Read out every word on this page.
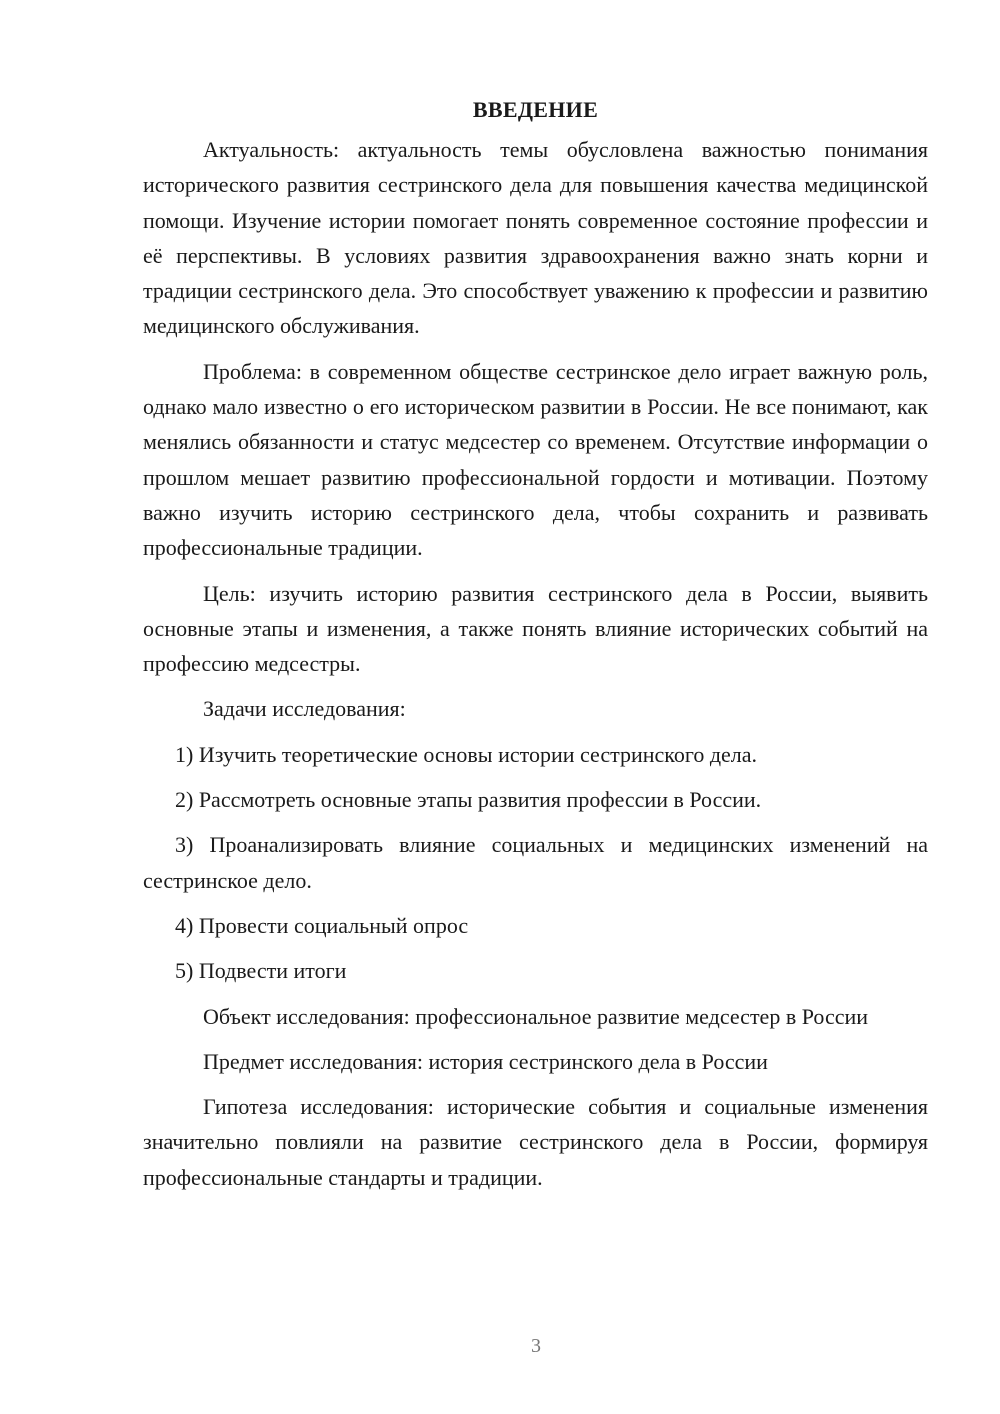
ВВЕДЕНИЕ

Актуальность: актуальность темы обусловлена важностью понимания исторического развития сестринского дела для повышения качества медицинской помощи. Изучение истории помогает понять современное состояние профессии и её перспективы. В условиях развития здравоохранения важно знать корни и традиции сестринского дела. Это способствует уважению к профессии и развитию медицинского обслуживания.

Проблема: в современном обществе сестринское дело играет важную роль, однако мало известно о его историческом развитии в России. Не все понимают, как менялись обязанности и статус медсестер со временем. Отсутствие информации о прошлом мешает развитию профессиональной гордости и мотивации. Поэтому важно изучить историю сестринского дела, чтобы сохранить и развивать профессиональные традиции.

Цель: изучить историю развития сестринского дела в России, выявить основные этапы и изменения, а также понять влияние исторических событий на профессию медсестры.

Задачи исследования:

1) Изучить теоретические основы истории сестринского дела.

2) Рассмотреть основные этапы развития профессии в России.

3) Проанализировать влияние социальных и медицинских изменений на сестринское дело.

4) Провести социальный опрос

5) Подвести итоги

Объект исследования: профессиональное развитие медсестер в России

Предмет исследования: история сестринского дела в России

Гипотеза исследования: исторические события и социальные изменения значительно повлияли на развитие сестринского дела в России, формируя профессиональные стандарты и традиции.

3
